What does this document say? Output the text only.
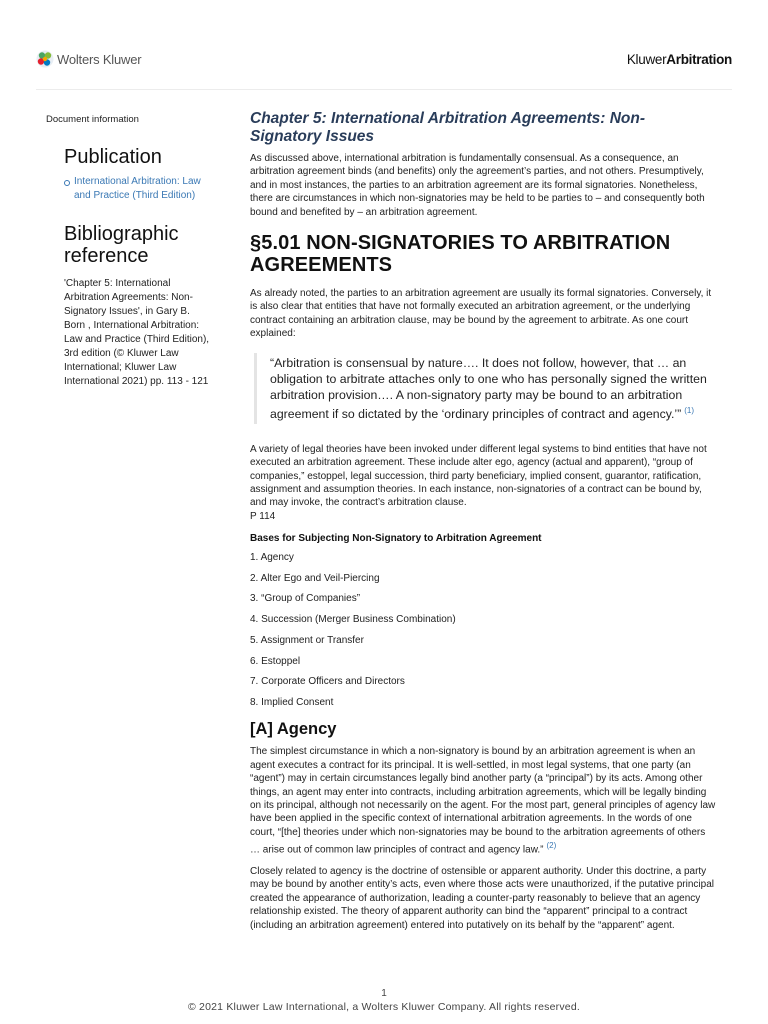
Wolters Kluwer	KluwerArbitration
Document information
Publication
International Arbitration: Law and Practice (Third Edition)
Bibliographic reference
'Chapter 5: International Arbitration Agreements: Non-Signatory Issues', in Gary B. Born , International Arbitration: Law and Practice (Third Edition), 3rd edition (© Kluwer Law International; Kluwer Law International 2021) pp. 113 - 121
Chapter 5: International Arbitration Agreements: Non-Signatory Issues

As discussed above, international arbitration is fundamentally consensual. As a consequence, an arbitration agreement binds (and benefits) only the agreement’s parties, and not others. Presumptively, and in most instances, the parties to an arbitration agreement are its formal signatories. Nonetheless, there are circumstances in which non-signatories may be held to be parties to – and consequently both bound and benefited by – an arbitration agreement.

§5.01 NON-SIGNATORIES TO ARBITRATION AGREEMENTS

As already noted, the parties to an arbitration agreement are usually its formal signatories. Conversely, it is also clear that entities that have not formally executed an arbitration agreement, or the underlying contract containing an arbitration clause, may be bound by the agreement to arbitrate. As one court explained:

“Arbitration is consensual by nature…. It does not follow, however, that … an obligation to arbitrate attaches only to one who has personally signed the written arbitration provision…. A non-signatory party may be bound to an arbitration agreement if so dictated by the ‘ordinary principles of contract and agency.’” $^{(1)}$

A variety of legal theories have been invoked under different legal systems to bind entities that have not executed an arbitration agreement. These include alter ego, agency (actual and apparent), “group of companies,” estoppel, legal succession, third party beneficiary, implied consent, guarantor, ratification, assignment and assumption theories. In each instance, non-signatories of a contract can be bound by, and may invoke, the contract’s arbitration clause.

P 114
Bases for Subjecting Non-Signatory to Arbitration Agreement
1. Agency
2. Alter Ego and Veil-Piercing
3. “Group of Companies”
4. Succession (Merger Business Combination)
5. Assignment or Transfer
6. Estoppel
7. Corporate Officers and Directors
8. Implied Consent
[A] Agency

The simplest circumstance in which a non-signatory is bound by an arbitration agreement is when an agent executes a contract for its principal. It is well-settled, in most legal systems, that one party (an “agent”) may in certain circumstances legally bind another party (a “principal”) by its acts. Among other things, an agent may enter into contracts, including arbitration agreements, which will be legally binding on its principal, although not necessarily on the agent. For the most part, general principles of agency law have been applied in the specific context of international arbitration agreements. In the words of one court, “[the] theories under which non-signatories may be bound to the arbitration agreements of others … arise out of common law principles of contract and agency law.” $^{(2)}$

Closely related to agency is the doctrine of ostensible or apparent authority. Under this doctrine, a party may be bound by another entity’s acts, even where those acts were unauthorized, if the putative principal created the appearance of authorization, leading a counter-party reasonably to believe that an agency relationship existed. The theory of apparent authority can bind the “apparent” principal to a contract (including an arbitration agreement) entered into putatively on its behalf by the “apparent” agent.

1
© 2021 Kluwer Law International, a Wolters Kluwer Company. All rights reserved.
